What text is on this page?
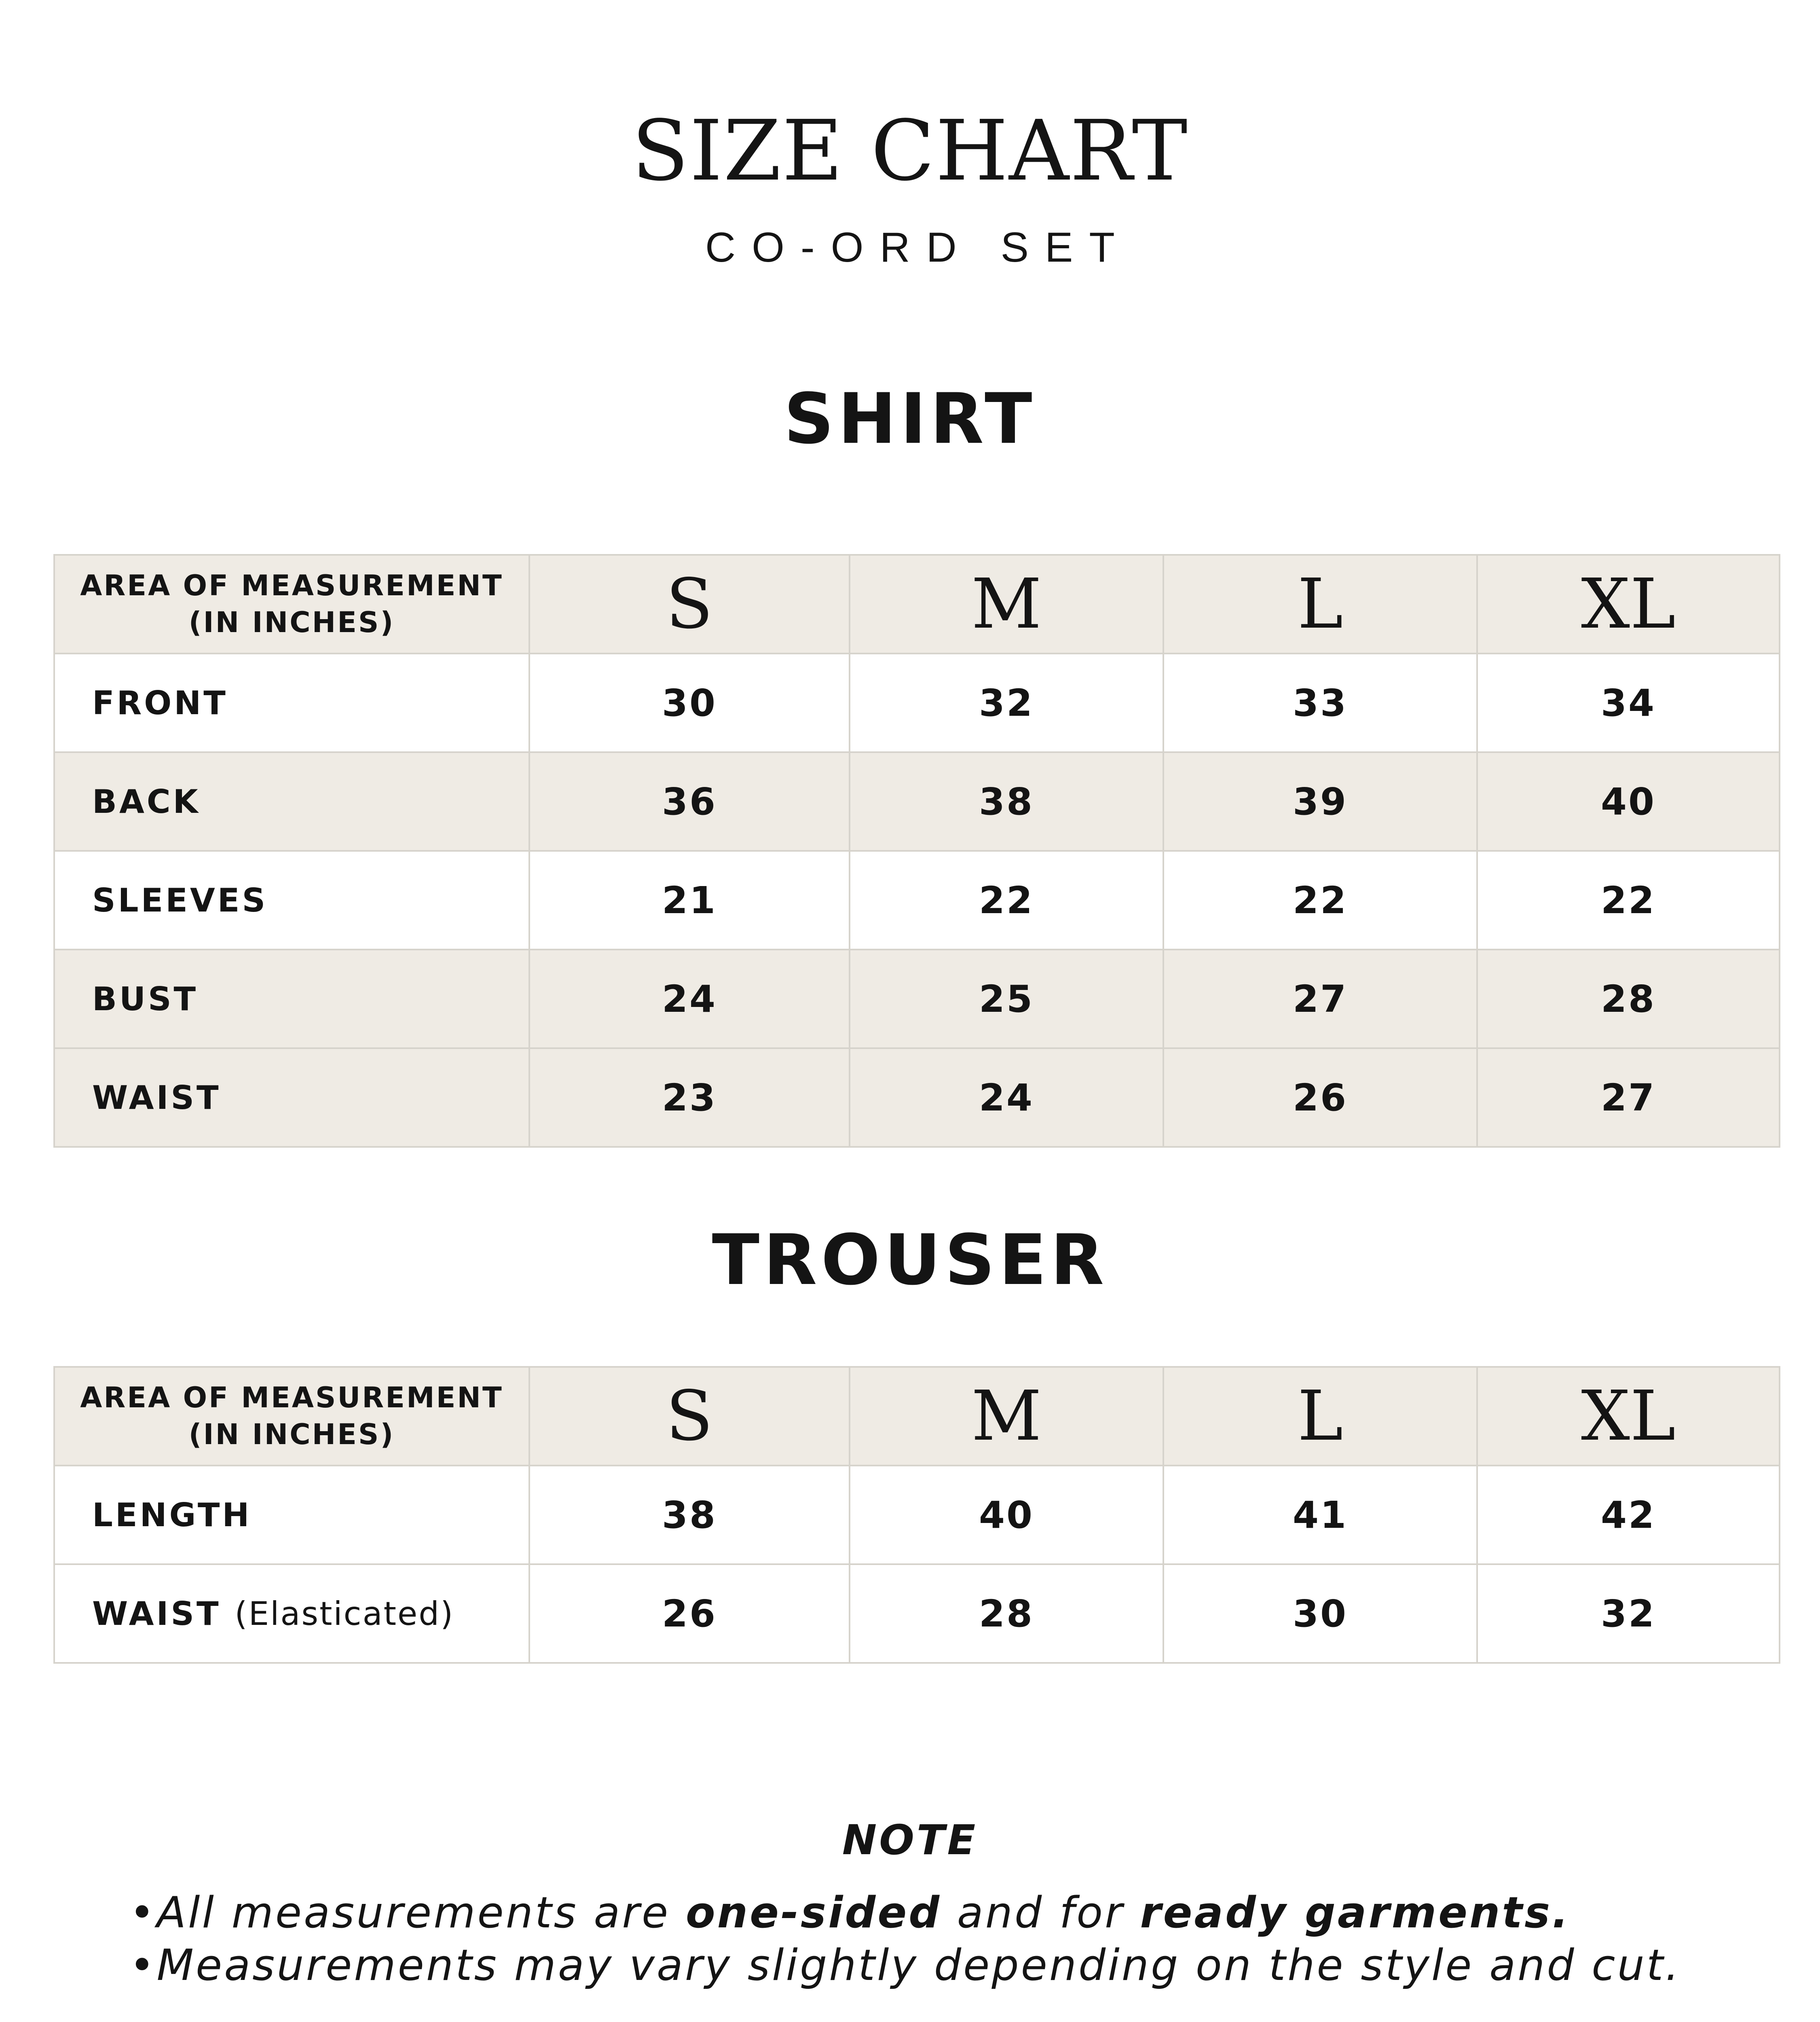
SIZE CHART
CO-ORD SET
SHIRT
AREA OF MEASUREMENT
(IN INCHES)	S	M	L	XL
FRONT	30	32	33	34
BACK	36	38	39	40
SLEEVES	21	22	22	22
BUST	24	25	27	28
WAIST	23	24	26	27
TROUSER
AREA OF MEASUREMENT
(IN INCHES)	S	M	L	XL
LENGTH	38	40	41	42
WAIST (Elasticated)	26	28	30	32
NOTE
•All measurements are one-sided and for ready garments.
•Measurements may vary slightly depending on the style and cut.
